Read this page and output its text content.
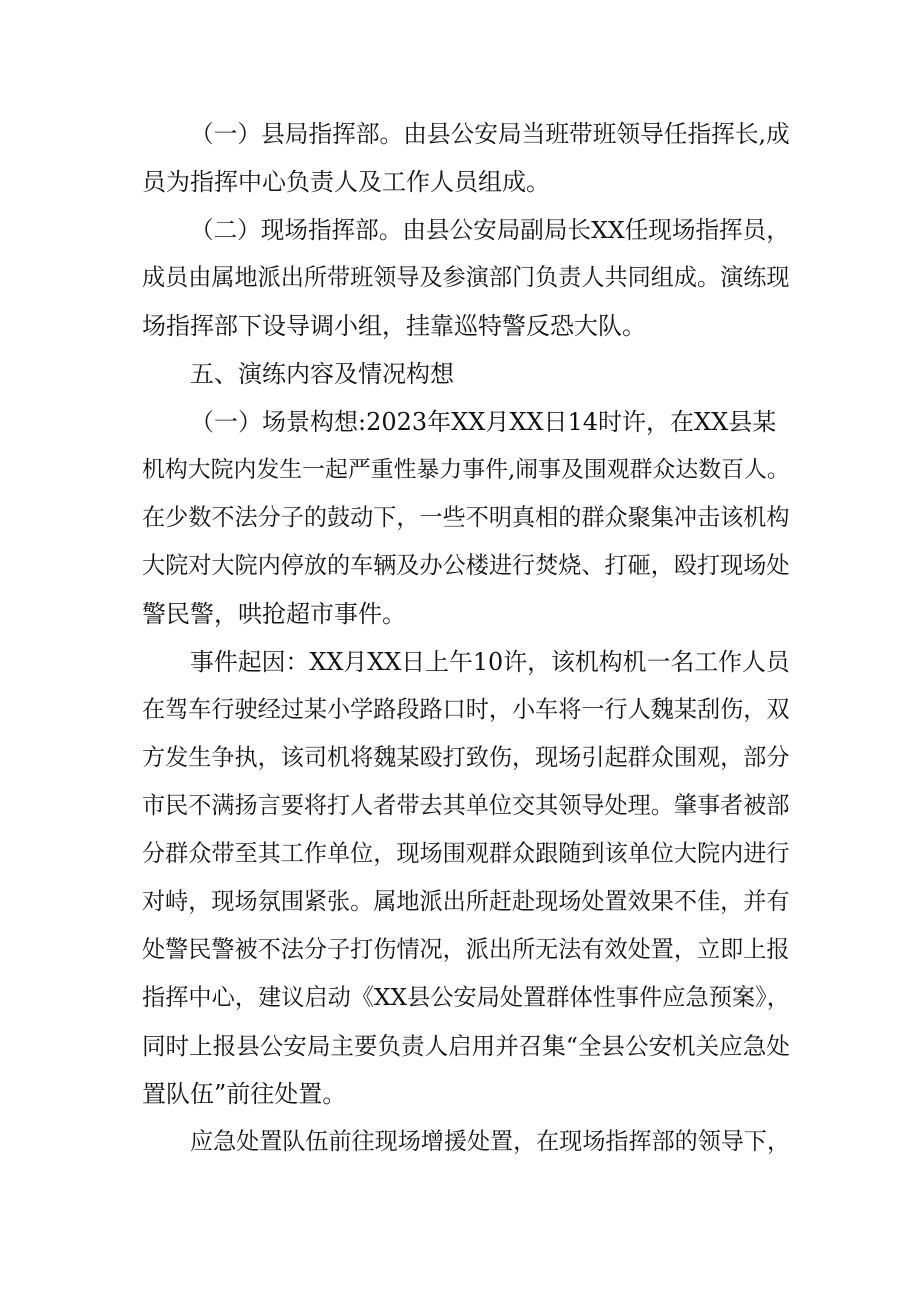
（一）县局指挥部。由县公安局当班带班领导任指挥长,成
员为指挥中心负责人及工作人员组成。
（二）现场指挥部。由县公安局副局长XX任现场指挥员，
成员由属地派出所带班领导及参演部门负责人共同组成。演练现
场指挥部下设导调小组，挂靠巡特警反恐大队。
五、演练内容及情况构想
（一）场景构想:2023年XX月XX日14时许，在XX县某
机构大院内发生一起严重性暴力事件,闹事及围观群众达数百人。
在少数不法分子的鼓动下，一些不明真相的群众聚集冲击该机构
大院对大院内停放的车辆及办公楼进行焚烧、打砸，殴打现场处
警民警，哄抢超市事件。
事件起因：XX月XX日上午10许，该机构机一名工作人员
在驾车行驶经过某小学路段路口时，小车将一行人魏某刮伤，双
方发生争执，该司机将魏某殴打致伤，现场引起群众围观，部分
市民不满扬言要将打人者带去其单位交其领导处理。肇事者被部
分群众带至其工作单位，现场围观群众跟随到该单位大院内进行
对峙，现场氛围紧张。属地派出所赶赴现场处置效果不佳，并有
处警民警被不法分子打伤情况，派出所无法有效处置，立即上报
指挥中心，建议启动《XX县公安局处置群体性事件应急预案》，
同时上报县公安局主要负责人启用并召集“全县公安机关应急处
置队伍”前往处置。
应急处置队伍前往现场增援处置，在现场指挥部的领导下，
